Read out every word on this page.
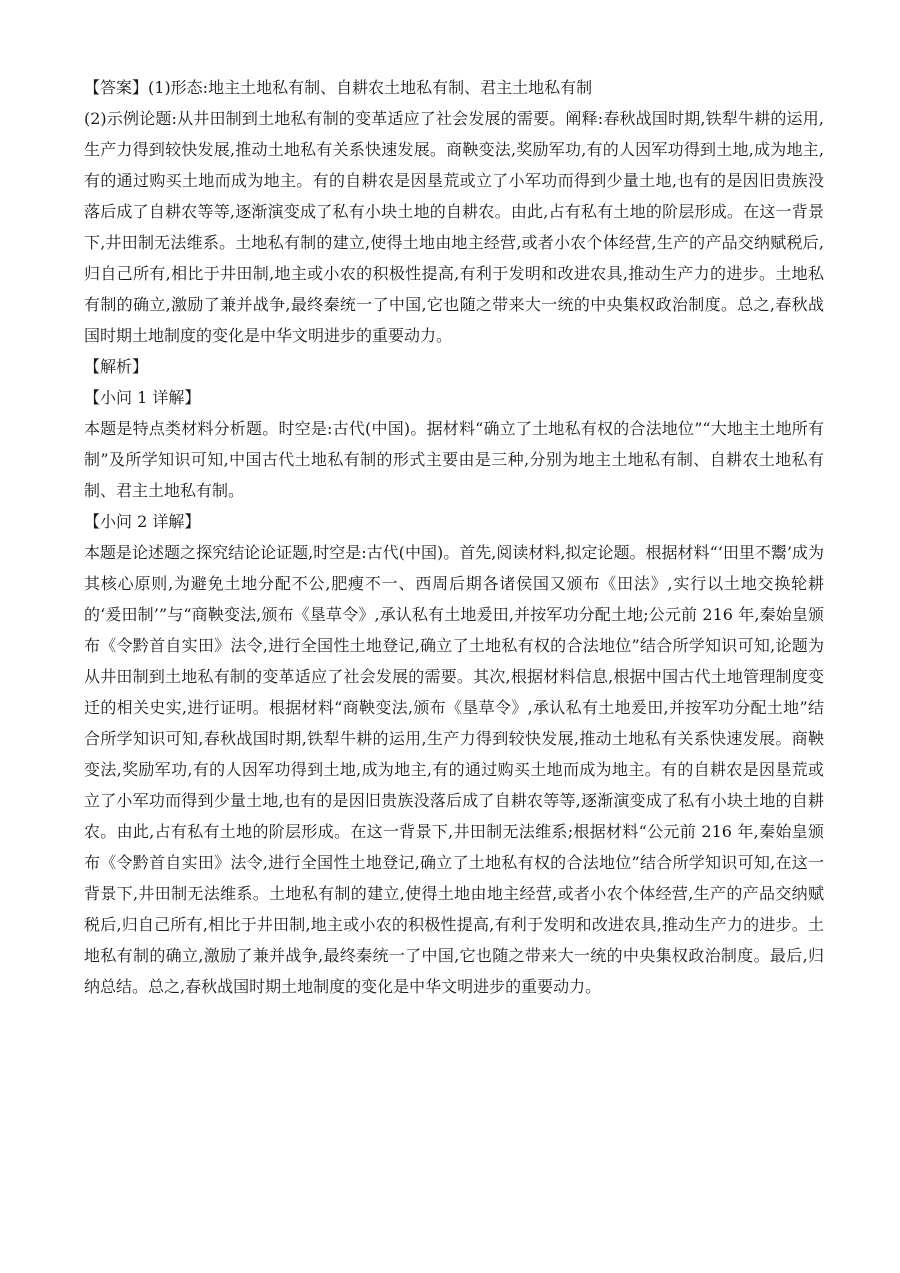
【答案】(1)形态:地主土地私有制、自耕农土地私有制、君主土地私有制

(2)示例论题:从井田制到土地私有制的变革适应了社会发展的需要。阐释:春秋战国时期,铁犁牛耕的运用,生产力得到较快发展,推动土地私有关系快速发展。商鞅变法,奖励军功,有的人因军功得到土地,成为地主,有的通过购买土地而成为地主。有的自耕农是因垦荒或立了小军功而得到少量土地,也有的是因旧贵族没落后成了自耕农等等,逐渐演变成了私有小块土地的自耕农。由此,占有私有土地的阶层形成。在这一背景下,井田制无法维系。土地私有制的建立,使得土地由地主经营,或者小农个体经营,生产的产品交纳赋税后,归自己所有,相比于井田制,地主或小农的积极性提高,有利于发明和改进农具,推动生产力的进步。土地私有制的确立,激励了兼并战争,最终秦统一了中国,它也随之带来大一统的中央集权政治制度。总之,春秋战国时期土地制度的变化是中华文明进步的重要动力。

【解析】

【小问 1 详解】

本题是特点类材料分析题。时空是:古代(中国)。据材料“确立了土地私有权的合法地位”“大地主土地所有制”及所学知识可知,中国古代土地私有制的形式主要由是三种,分别为地主土地私有制、自耕农土地私有制、君主土地私有制。

【小问 2 详解】

本题是论述题之探究结论论证题,时空是:古代(中国)。首先,阅读材料,拟定论题。根据材料“‘田里不鬻’成为其核心原则,为避免土地分配不公,肥瘦不一、西周后期各诸侯国又颁布《田法》,实行以土地交换轮耕的‘爰田制’”与“商鞅变法,颁布《垦草令》,承认私有土地爰田,并按军功分配土地;公元前 216 年,秦始皇颁布《令黔首自实田》法令,进行全国性土地登记,确立了土地私有权的合法地位”结合所学知识可知,论题为从井田制到土地私有制的变革适应了社会发展的需要。其次,根据材料信息,根据中国古代土地管理制度变迁的相关史实,进行证明。根据材料“商鞅变法,颁布《垦草令》,承认私有土地爰田,并按军功分配土地”结合所学知识可知,春秋战国时期,铁犁牛耕的运用,生产力得到较快发展,推动土地私有关系快速发展。商鞅变法,奖励军功,有的人因军功得到土地,成为地主,有的通过购买土地而成为地主。有的自耕农是因垦荒或立了小军功而得到少量土地,也有的是因旧贵族没落后成了自耕农等等,逐渐演变成了私有小块土地的自耕农。由此,占有私有土地的阶层形成。在这一背景下,井田制无法维系;根据材料“公元前 216 年,秦始皇颁布《令黔首自实田》法令,进行全国性土地登记,确立了土地私有权的合法地位”结合所学知识可知,在这一背景下,井田制无法维系。土地私有制的建立,使得土地由地主经营,或者小农个体经营,生产的产品交纳赋税后,归自己所有,相比于井田制,地主或小农的积极性提高,有利于发明和改进农具,推动生产力的进步。土地私有制的确立,激励了兼并战争,最终秦统一了中国,它也随之带来大一统的中央集权政治制度。最后,归纳总结。总之,春秋战国时期土地制度的变化是中华文明进步的重要动力。
